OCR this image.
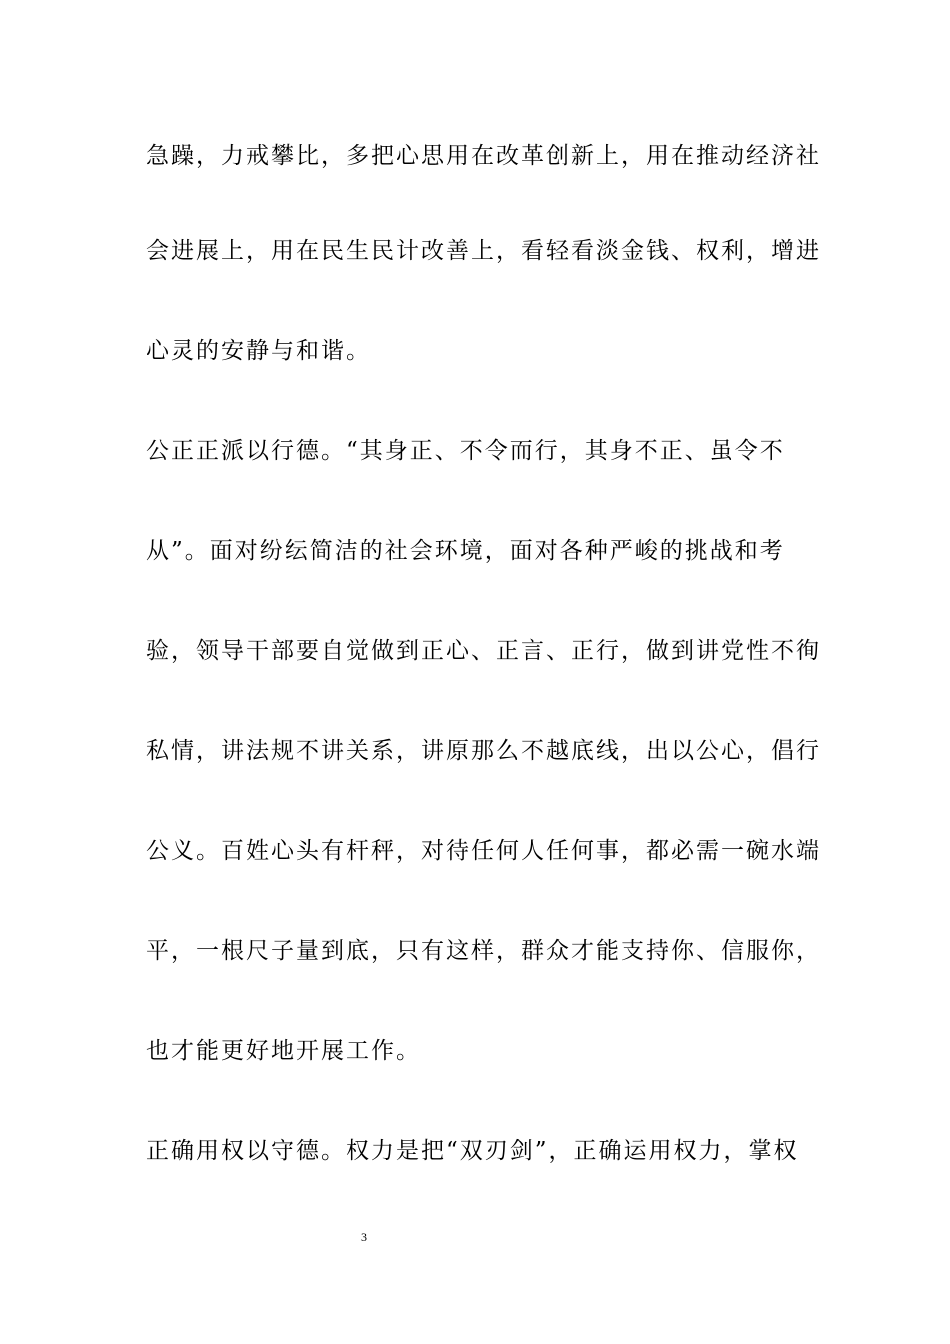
急躁，力戒攀比，多把心思用在改革创新上，用在推动经济社
会进展上，用在民生民计改善上，看轻看淡金钱、权利，增进
心灵的安静与和谐。
公正正派以行德。“其身正、不令而行，其身不正、虽令不
从”。面对纷纭简洁的社会环境，面对各种严峻的挑战和考
验，领导干部要自觉做到正心、正言、正行，做到讲党性不徇
私情，讲法规不讲关系，讲原那么不越底线，出以公心，倡行
公义。百姓心头有杆秤，对待任何人任何事，都必需一碗水端
平，一根尺子量到底，只有这样，群众才能支持你、信服你，
也才能更好地开展工作。
正确用权以守德。权力是把“双刃剑”，正确运用权力，掌权
3
